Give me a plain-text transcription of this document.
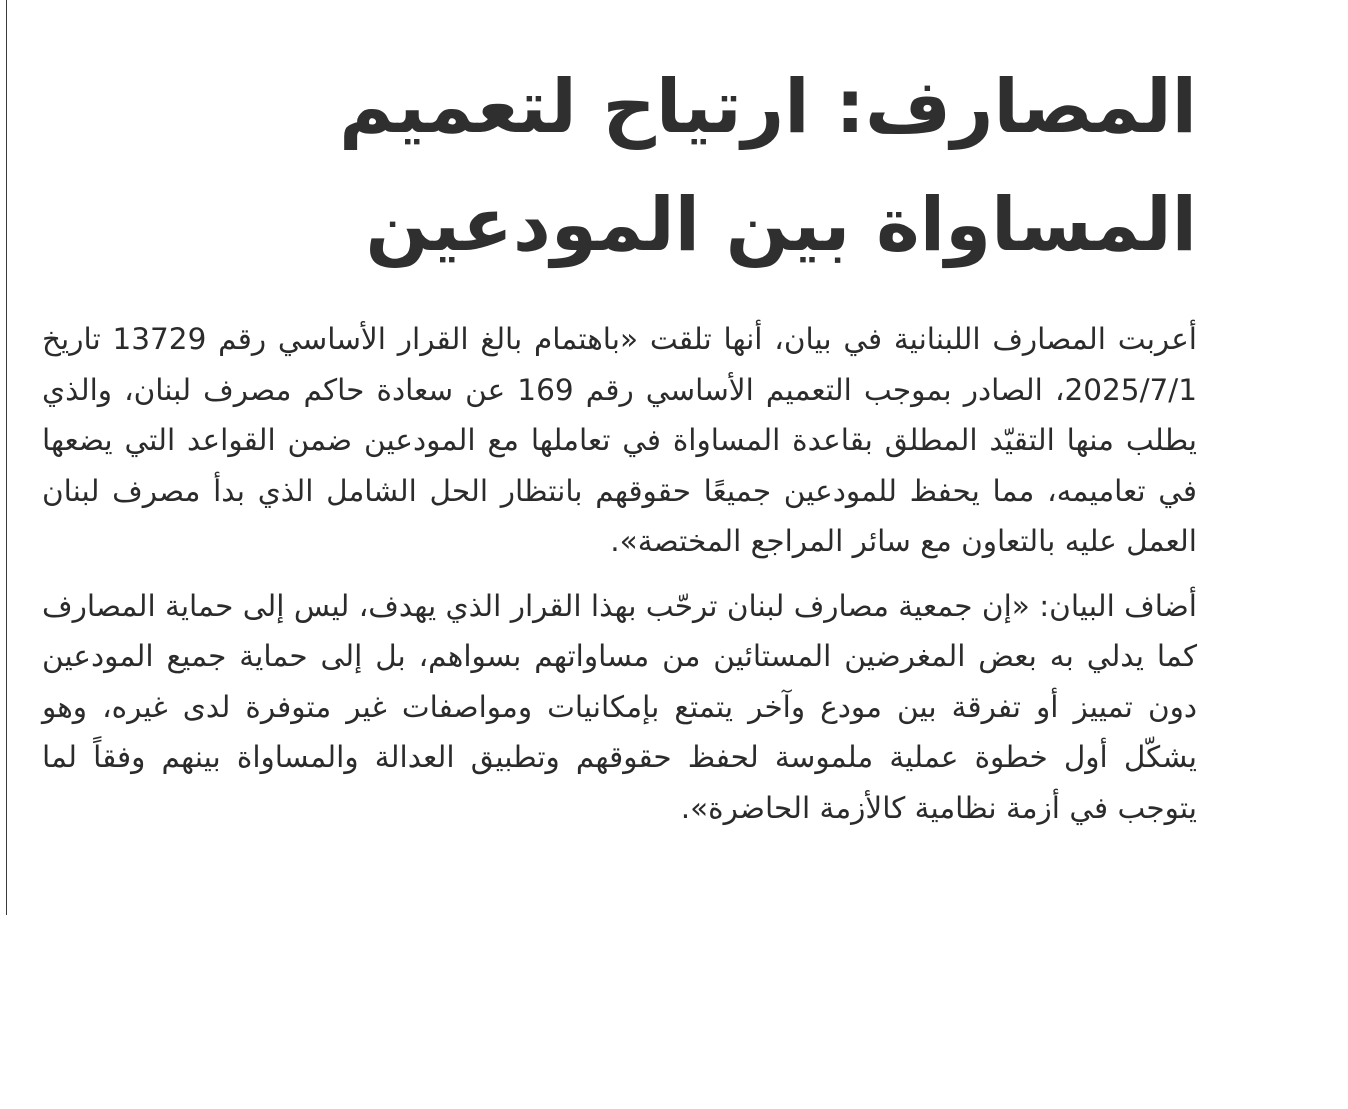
المصارف: ارتياح لتعميم
المساواة بين المودعين

أعربت المصارف اللبنانية في بيان، أنها تلقت «باهتمام بالغ القرار الأساسي رقم 13729 تاريخ 2025/7/1، الصادر بموجب التعميم الأساسي رقم 169 عن سعادة حاكم مصرف لبنان، والذي يطلب منها التقيّد المطلق بقاعدة المساواة في تعاملها مع المودعين ضمن القواعد التي يضعها في تعاميمه، مما يحفظ للمودعين جميعًا حقوقهم بانتظار الحل الشامل الذي بدأ مصرف لبنان العمل عليه بالتعاون مع سائر المراجع المختصة».

أضاف البيان: «إن جمعية مصارف لبنان ترحّب بهذا القرار الذي يهدف، ليس إلى حماية المصارف كما يدلي به بعض المغرضين المستائين من مساواتهم بسواهم، بل إلى حماية جميع المودعين دون تمييز أو تفرقة بين مودع وآخر يتمتع بإمكانيات ومواصفات غير متوفرة لدى غيره، وهو يشكّل أول خطوة عملية ملموسة لحفظ حقوقهم وتطبيق العدالة والمساواة بينهم وفقاً لما يتوجب في أزمة نظامية كالأزمة الحاضرة».
